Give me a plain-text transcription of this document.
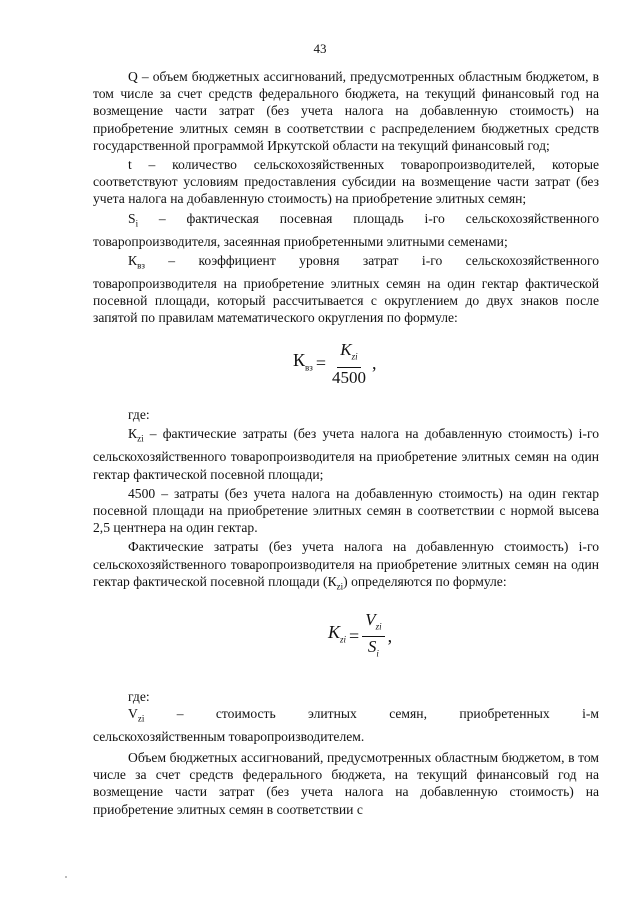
43

Q – объем бюджетных ассигнований, предусмотренных областным бюджетом, в том числе за счет средств федерального бюджета, на текущий финансовый год на возмещение части затрат (без учета налога на добавленную стоимость) на приобретение элитных семян в соответствии с распределением бюджетных средств государственной программой Иркутской области на текущий финансовый год;

t – количество сельскохозяйственных товаропроизводителей, которые соответствуют условиям предоставления субсидии на возмещение части затрат (без учета налога на добавленную стоимость) на приобретение элитных семян;

$S_i$ – фактическая посевная площадь i-го сельскохозяйственного товаропроизводителя, засеянная приобретенными элитными семенами;

$К_{вз}$ – коэффициент уровня затрат i-го сельскохозяйственного товаропроизводителя на приобретение элитных семян на один гектар фактической посевной площади, который рассчитывается с округлением до двух знаков после запятой по правилам математического округления по формуле:

$К_{вз} = \frac{K_{zi}}{4500}$ ,

где:

$К_{zi}$ – фактические затраты (без учета налога на добавленную стоимость) i-го сельскохозяйственного товаропроизводителя на приобретение элитных семян на один гектар фактической посевной площади;

4500 – затраты (без учета налога на добавленную стоимость) на один гектар посевной площади на приобретение элитных семян в соответствии с нормой высева 2,5 центнера на один гектар.

Фактические затраты (без учета налога на добавленную стоимость) i-го сельскохозяйственного товаропроизводителя на приобретение элитных семян на один гектар фактической посевной площади $(К_{zi})$ определяются по формуле:

$K_{zi} = \frac{V_{zi}}{S_i}$ ,

где:

$V_{zi}$ – стоимость элитных семян, приобретенных i-м
сельскохозяйственным товаропроизводителем.

Объем бюджетных ассигнований, предусмотренных областным бюджетом, в том числе за счет средств федерального бюджета, на текущий финансовый год на возмещение части затрат (без учета налога на добавленную стоимость) на приобретение элитных семян в соответствии с
